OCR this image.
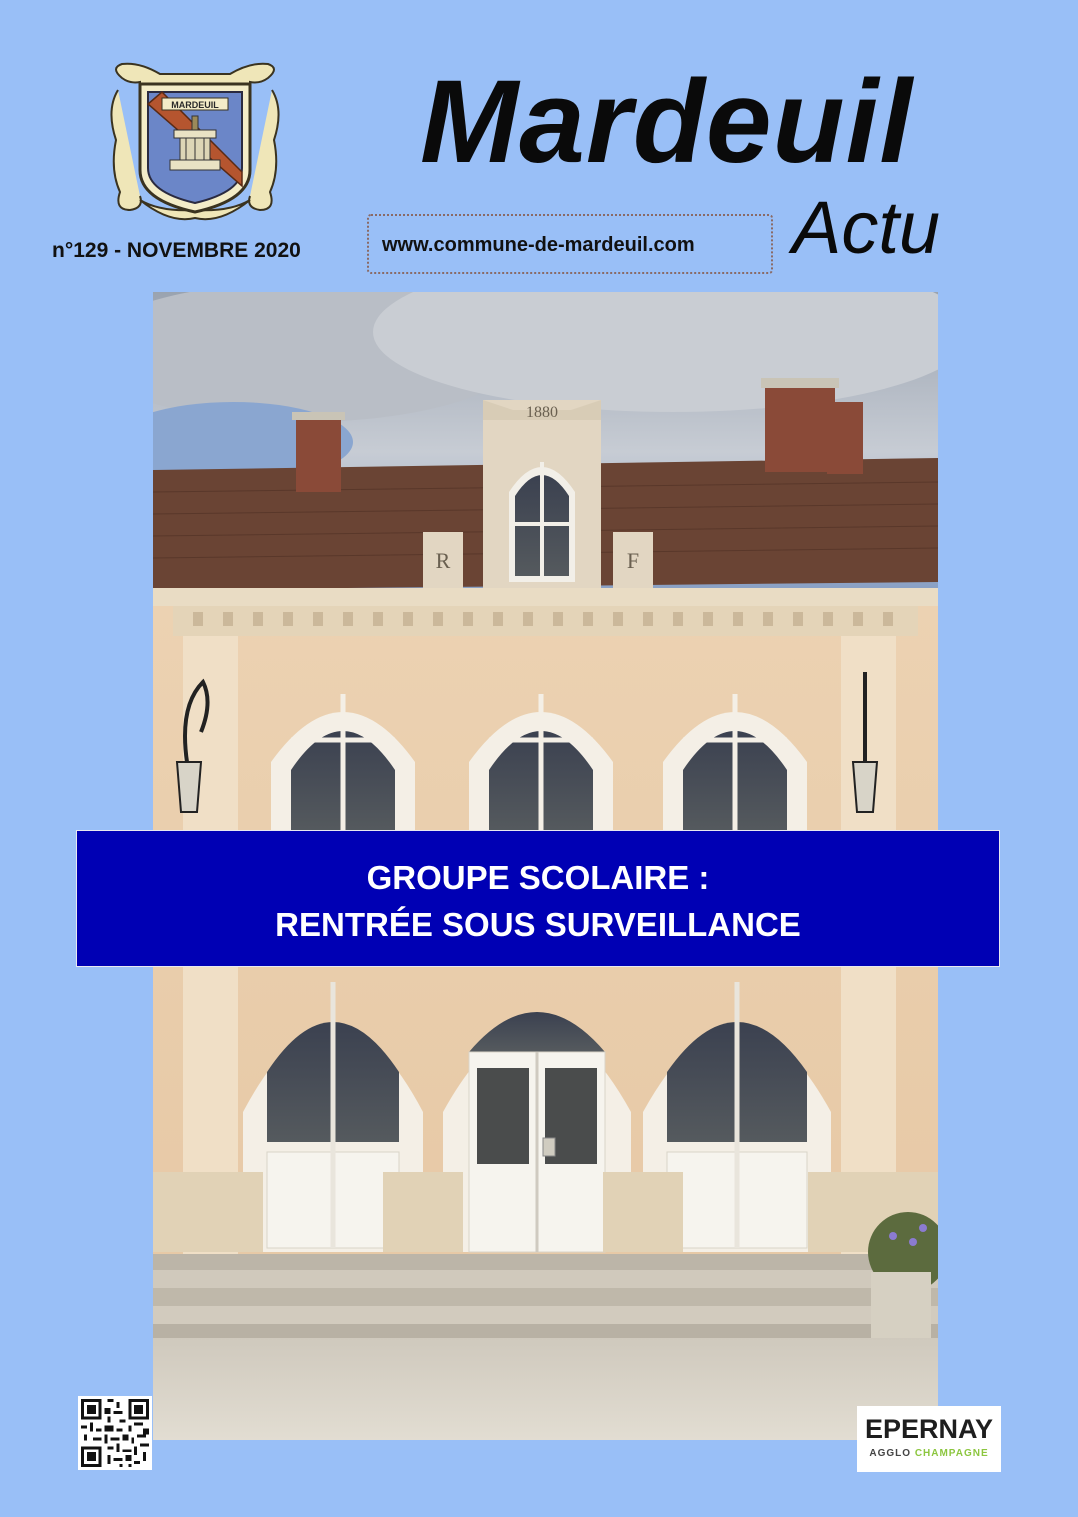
MARDEUIL Mardeuil
Actu
n°129 - NOVEMBRE 2020	www.commune-de-mardeuil.com
1880
R	F
GROUPE SCOLAIRE :
RENTRÉE SOUS SURVEILLANCE
EPERNAY
AGGLO CHAMPAGNE
